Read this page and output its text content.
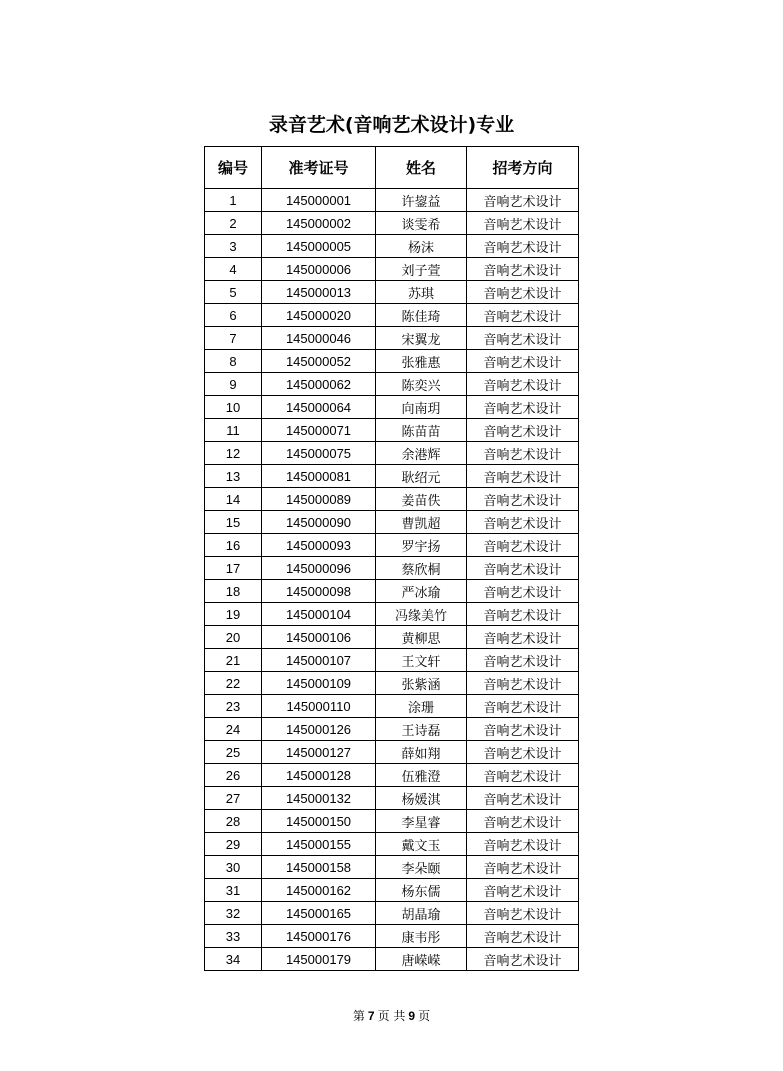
录音艺术(音响艺术设计)专业
编号	准考证号	姓名	招考方向
1	145000001	许鋆益	音响艺术设计
2	145000002	谈雯希	音响艺术设计
3	145000005	杨沫	音响艺术设计
4	145000006	刘子萱	音响艺术设计
5	145000013	苏琪	音响艺术设计
6	145000020	陈佳琦	音响艺术设计
7	145000046	宋翼龙	音响艺术设计
8	145000052	张雅惠	音响艺术设计
9	145000062	陈奕兴	音响艺术设计
10	145000064	向南玥	音响艺术设计
11	145000071	陈苗苗	音响艺术设计
12	145000075	余港辉	音响艺术设计
13	145000081	耿绍元	音响艺术设计
14	145000089	姜苗佚	音响艺术设计
15	145000090	曹凯超	音响艺术设计
16	145000093	罗宇扬	音响艺术设计
17	145000096	蔡欣桐	音响艺术设计
18	145000098	严冰瑜	音响艺术设计
19	145000104	冯缘美竹	音响艺术设计
20	145000106	黄柳思	音响艺术设计
21	145000107	王文轩	音响艺术设计
22	145000109	张紫涵	音响艺术设计
23	145000110	涂珊	音响艺术设计
24	145000126	王诗磊	音响艺术设计
25	145000127	薛如翔	音响艺术设计
26	145000128	伍雅澄	音响艺术设计
27	145000132	杨媛淇	音响艺术设计
28	145000150	李星睿	音响艺术设计
29	145000155	戴文玉	音响艺术设计
30	145000158	李朵颐	音响艺术设计
31	145000162	杨东儒	音响艺术设计
32	145000165	胡晶瑜	音响艺术设计
33	145000176	康韦彤	音响艺术设计
34	145000179	唐嵘嵘	音响艺术设计
第 7 页 共 9 页
